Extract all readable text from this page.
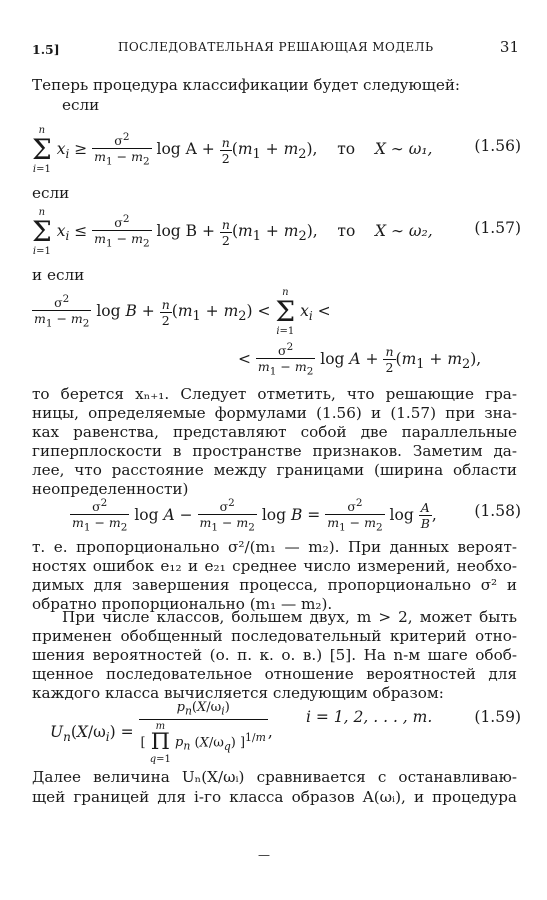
1.5]	ПОСЛЕДОВАТЕЛЬНАЯ РЕШАЮЩАЯ МОДЕЛЬ	31
Теперь процедура классификации будет следующей:
если
n
Σ
i=1
$x_i \ge \frac{\sigma^2}{m_1 - m_2}$ $\log A + \frac{n}{2} (m_1 + m_2)$,    то X ∼ ω₁,	(1.56)
если
n
Σ
i=1
$x_i \le \frac{\sigma^2}{m_1 - m_2}$ $\log B + \frac{n}{2} (m_1 + m_2)$,    то X ∼ ω₂,	(1.57)
и если
$\frac{\sigma^2}{m_1 - m_2}$ $\log B + \frac{n}{2} (m_1 + m_2)$ <
n
Σ
i=1
$x_i$ <
< $\frac{\sigma^2}{m_1 - m_2}$ $\log A + \frac{n}{2} (m_1 + m_2)$,
то берется xₙ₊₁. Следует отметить, что решающие гра-
ницы, определяемые формулами (1.56) и (1.57) при зна-
ках равенства, представляют собой две параллельные
гиперплоскости в пространстве признаков. Заметим да-
лее, что расстояние между границами (ширина области
неопределенности)
$\frac{\sigma^2}{m_1 - m_2}$ $\log A - \frac{\sigma^2}{m_1 - m_2}$ $\log B = \frac{\sigma^2}{m_1 - m_2}$ $\log \frac{A}{B}$ , (1.58)
т. е. пропорционально σ²/(m₁ — m₂). При данных вероят-
ностях ошибок e₁₂ и e₂₁ среднее число измерений, необхо-
димых для завершения процесса, пропорционально σ² и
обратно пропорционально (m₁ — m₂).
При числе классов, большем двух, m > 2, может быть
применен обобщенный последовательный критерий отно-
шения вероятностей (о. п. к. о. в.) [5]. На n-м шаге обоб-
щенное последовательное отношение вероятностей для
каждого класса вычисляется следующим образом:
$U_n(X/\omega_i) = p_n(X/\omega_i)$
[
m
Π
q=1
$p_n$ $(X/\omega_q)$ ]$^{1/m}$ ,
i = 1, 2, . . . , m.	(1.59)
Далее величина Uₙ(X/ωᵢ) сравнивается с останавливаю-
щей границей для i-го класса образов A(ωᵢ), и процедура
—
